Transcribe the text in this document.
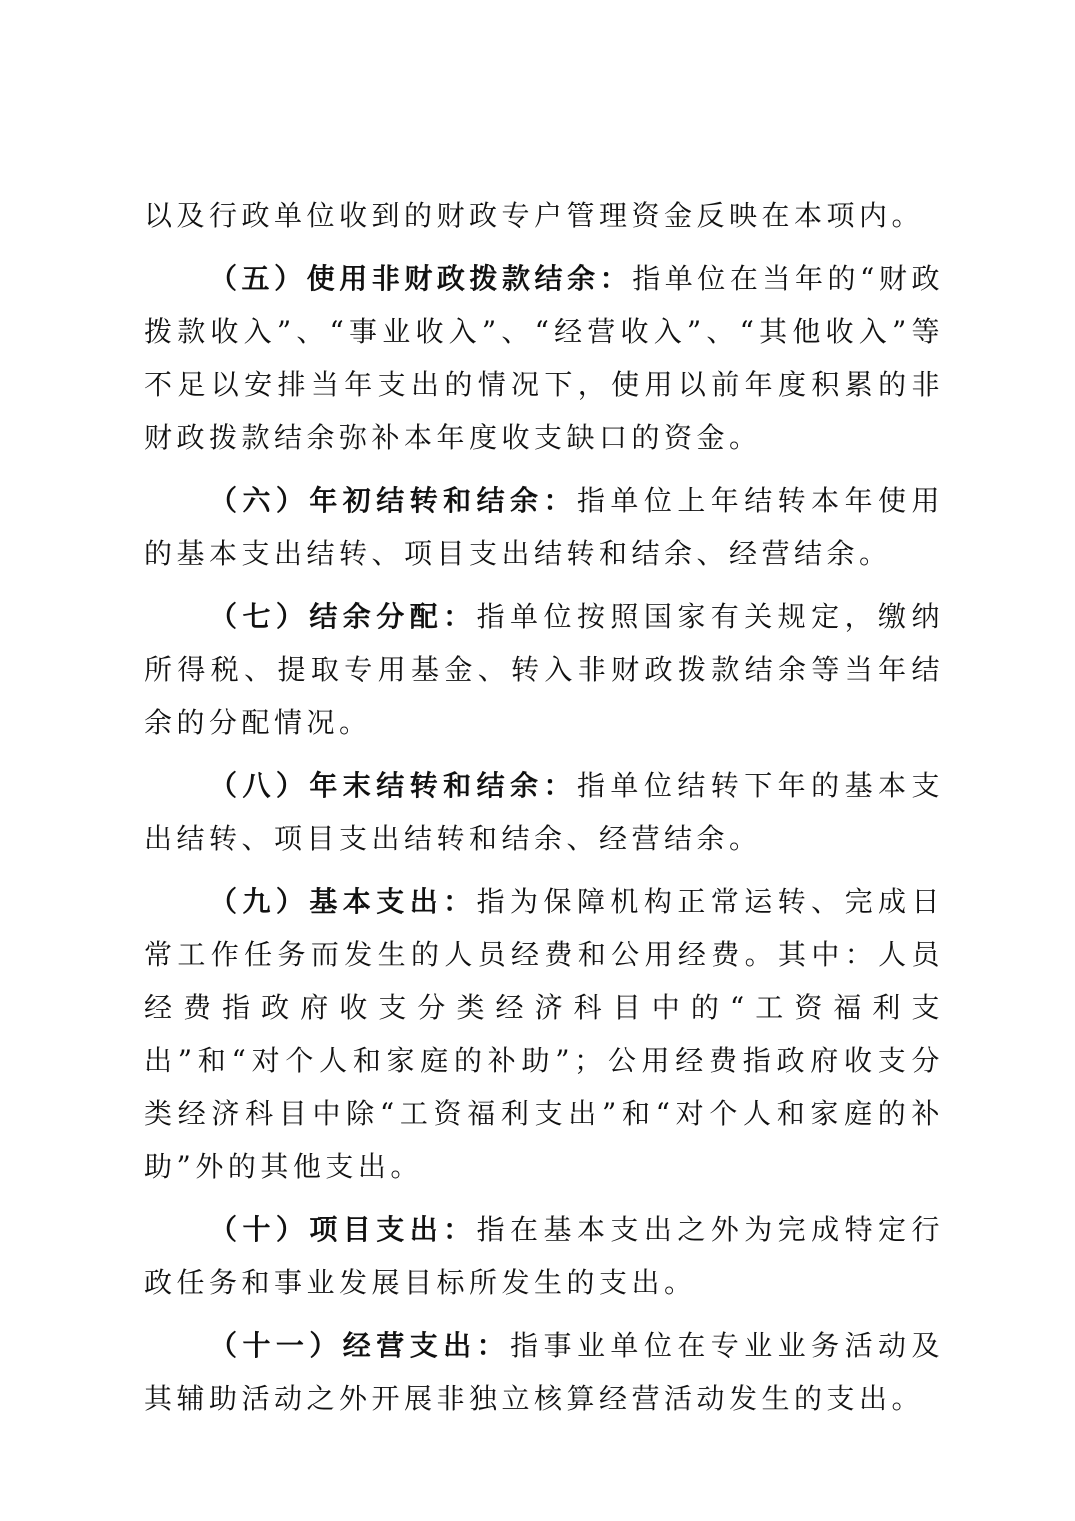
以及行政单位收到的财政专户管理资金反映在本项内。

（五）使用非财政拨款结余：指单位在当年的“财政拨款收入”、“事业收入”、“经营收入”、“其他收入”等不足以安排当年支出的情况下，使用以前年度积累的非财政拨款结余弥补本年度收支缺口的资金。

（六）年初结转和结余：指单位上年结转本年使用的基本支出结转、项目支出结转和结余、经营结余。

（七）结余分配：指单位按照国家有关规定，缴纳所得税、提取专用基金、转入非财政拨款结余等当年结余的分配情况。

（八）年末结转和结余：指单位结转下年的基本支出结转、项目支出结转和结余、经营结余。

（九）基本支出：指为保障机构正常运转、完成日常工作任务而发生的人员经费和公用经费。其中：人员经费指政府收支分类经济科目中的“工资福利支出”和“对个人和家庭的补助”；公用经费指政府收支分类经济科目中除“工资福利支出”和“对个人和家庭的补助”外的其他支出。

（十）项目支出：指在基本支出之外为完成特定行政任务和事业发展目标所发生的支出。

（十一）经营支出：指事业单位在专业业务活动及其辅助活动之外开展非独立核算经营活动发生的支出。
